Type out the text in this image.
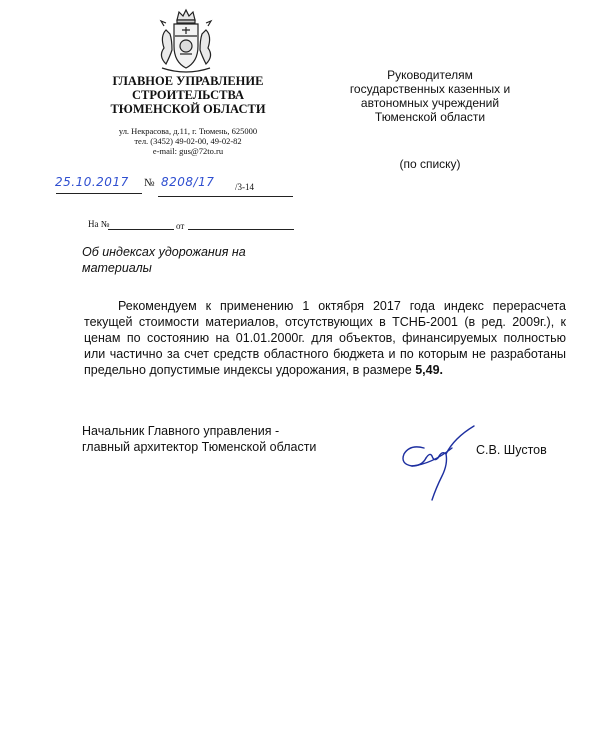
ГЛАВНОЕ УПРАВЛЕНИЕ
СТРОИТЕЛЬСТВА
ТЮМЕНСКОЙ ОБЛАСТИ
ул. Некрасова, д.11, г. Тюмень, 625000
тел. (3452) 49-02-00, 49-02-82
e-mail: gus@72to.ru
Руководителям
государственных казенных и
автономных учреждений
Тюменской области
(по списку)
25.10.2017 № 8208/17 /3-14
На №	от
Об индексах удорожания на
материалы
Рекомендуем к применению 1 октября 2017 года индекс перерасчета текущей стоимости материалов, отсутствующих в ТСНБ-2001 (в ред. 2009г.), к ценам по состоянию на 01.01.2000г. для объектов, финансируемых полностью или частично за счет средств областного бюджета и по которым не разработаны предельно допустимые индексы удорожания, в размере 5,49.
Начальник Главного управления -
главный архитектор Тюменской области	С.В. Шустов
